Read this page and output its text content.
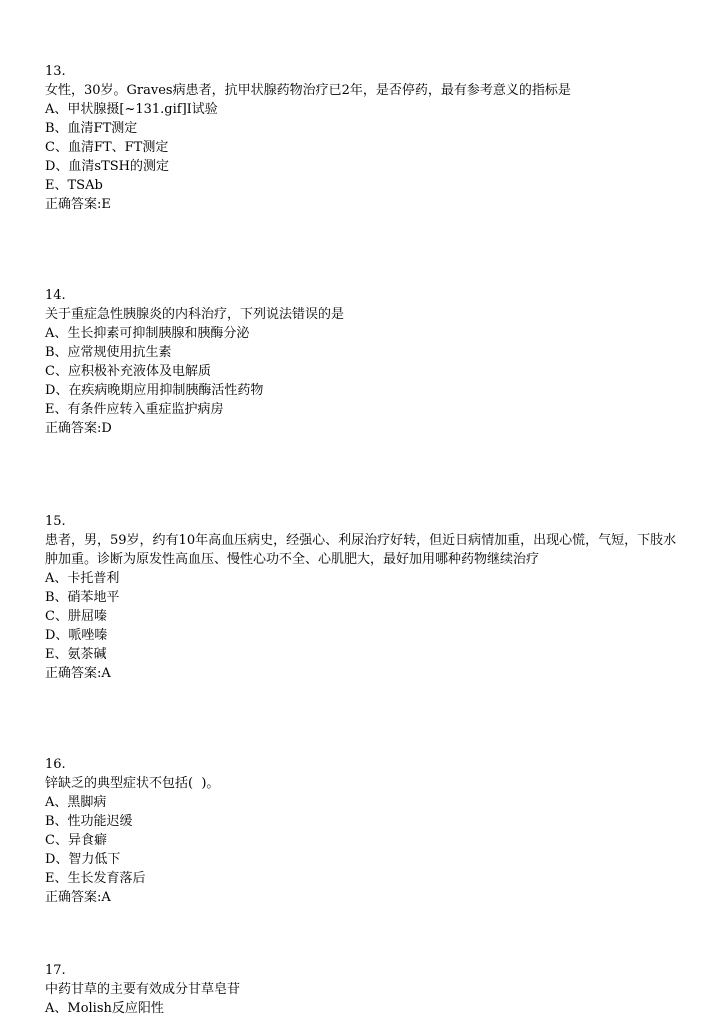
13.

女性，30岁。Graves病患者，抗甲状腺药物治疗已2年，是否停药，最有参考意义的指标是

A、甲状腺摄[~131.gif]I试验

B、血清FT测定

C、血清FT、FT测定

D、血清sTSH的测定

E、TSAb

正确答案:E

14.

关于重症急性胰腺炎的内科治疗，下列说法错误的是

A、生长抑素可抑制胰腺和胰酶分泌

B、应常规使用抗生素

C、应积极补充液体及电解质

D、在疾病晚期应用抑制胰酶活性药物

E、有条件应转入重症监护病房

正确答案:D

15.

患者，男，59岁，约有10年高血压病史，经强心、利尿治疗好转，但近日病情加重，出现心慌，气短，下肢水肿加重。诊断为原发性高血压、慢性心功不全、心肌肥大，最好加用哪种药物继续治疗

A、卡托普利

B、硝苯地平

C、肼屈嗪

D、哌唑嗪

E、氨茶碱

正确答案:A

16.

锌缺乏的典型症状不包括(  )。

A、黑脚病

B、性功能迟缓

C、异食癖

D、智力低下

E、生长发育落后

正确答案:A

17.

中药甘草的主要有效成分甘草皂苷

A、Molish反应阳性
